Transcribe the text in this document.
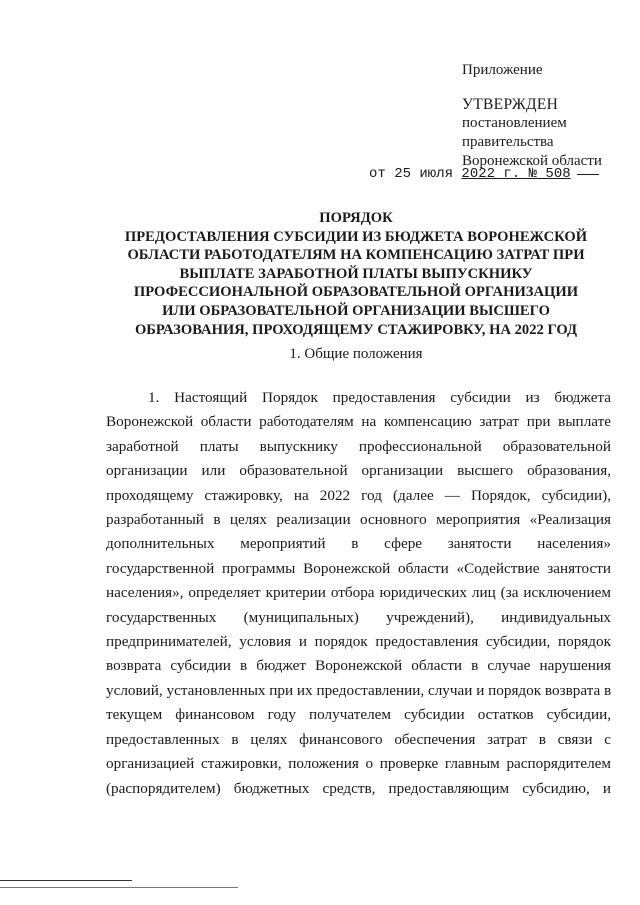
Приложение
УТВЕРЖДЕН
постановлением
правительства
Воронежской области
от 25 июля 2022 г. № 508
ПОРЯДОК
ПРЕДОСТАВЛЕНИЯ СУБСИДИИ ИЗ БЮДЖЕТА ВОРОНЕЖСКОЙ
ОБЛАСТИ РАБОТОДАТЕЛЯМ НА КОМПЕНСАЦИЮ ЗАТРАТ ПРИ
ВЫПЛАТЕ ЗАРАБОТНОЙ ПЛАТЫ ВЫПУСКНИКУ
ПРОФЕССИОНАЛЬНОЙ ОБРАЗОВАТЕЛЬНОЙ ОРГАНИЗАЦИИ
ИЛИ ОБРАЗОВАТЕЛЬНОЙ ОРГАНИЗАЦИИ ВЫСШЕГО
ОБРАЗОВАНИЯ, ПРОХОДЯЩЕМУ СТАЖИРОВКУ, НА 2022 ГОД
1. Общие положения
1. Настоящий Порядок предоставления субсидии из бюджета
Воронежской области работодателям на компенсацию затрат при выплате
заработной платы выпускнику профессиональной образовательной
организации или образовательной организации высшего образования,
проходящему стажировку, на 2022 год (далее — Порядок, субсидии),
разработанный в целях реализации основного мероприятия «Реализация
дополнительных мероприятий в сфере занятости населения»
государственной программы Воронежской области «Содействие занятости
населения», определяет критерии отбора юридических лиц (за исключением
государственных (муниципальных) учреждений), индивидуальных
предпринимателей, условия и порядок предоставления субсидии, порядок
возврата субсидии в бюджет Воронежской области в случае нарушения
условий, установленных при их предоставлении, случаи и порядок возврата в
текущем финансовом году получателем субсидии остатков субсидии,
предоставленных в целях финансового обеспечения затрат в связи с
организацией стажировки, положения о проверке главным распорядителем
(распорядителем) бюджетных средств, предоставляющим субсидию, и
